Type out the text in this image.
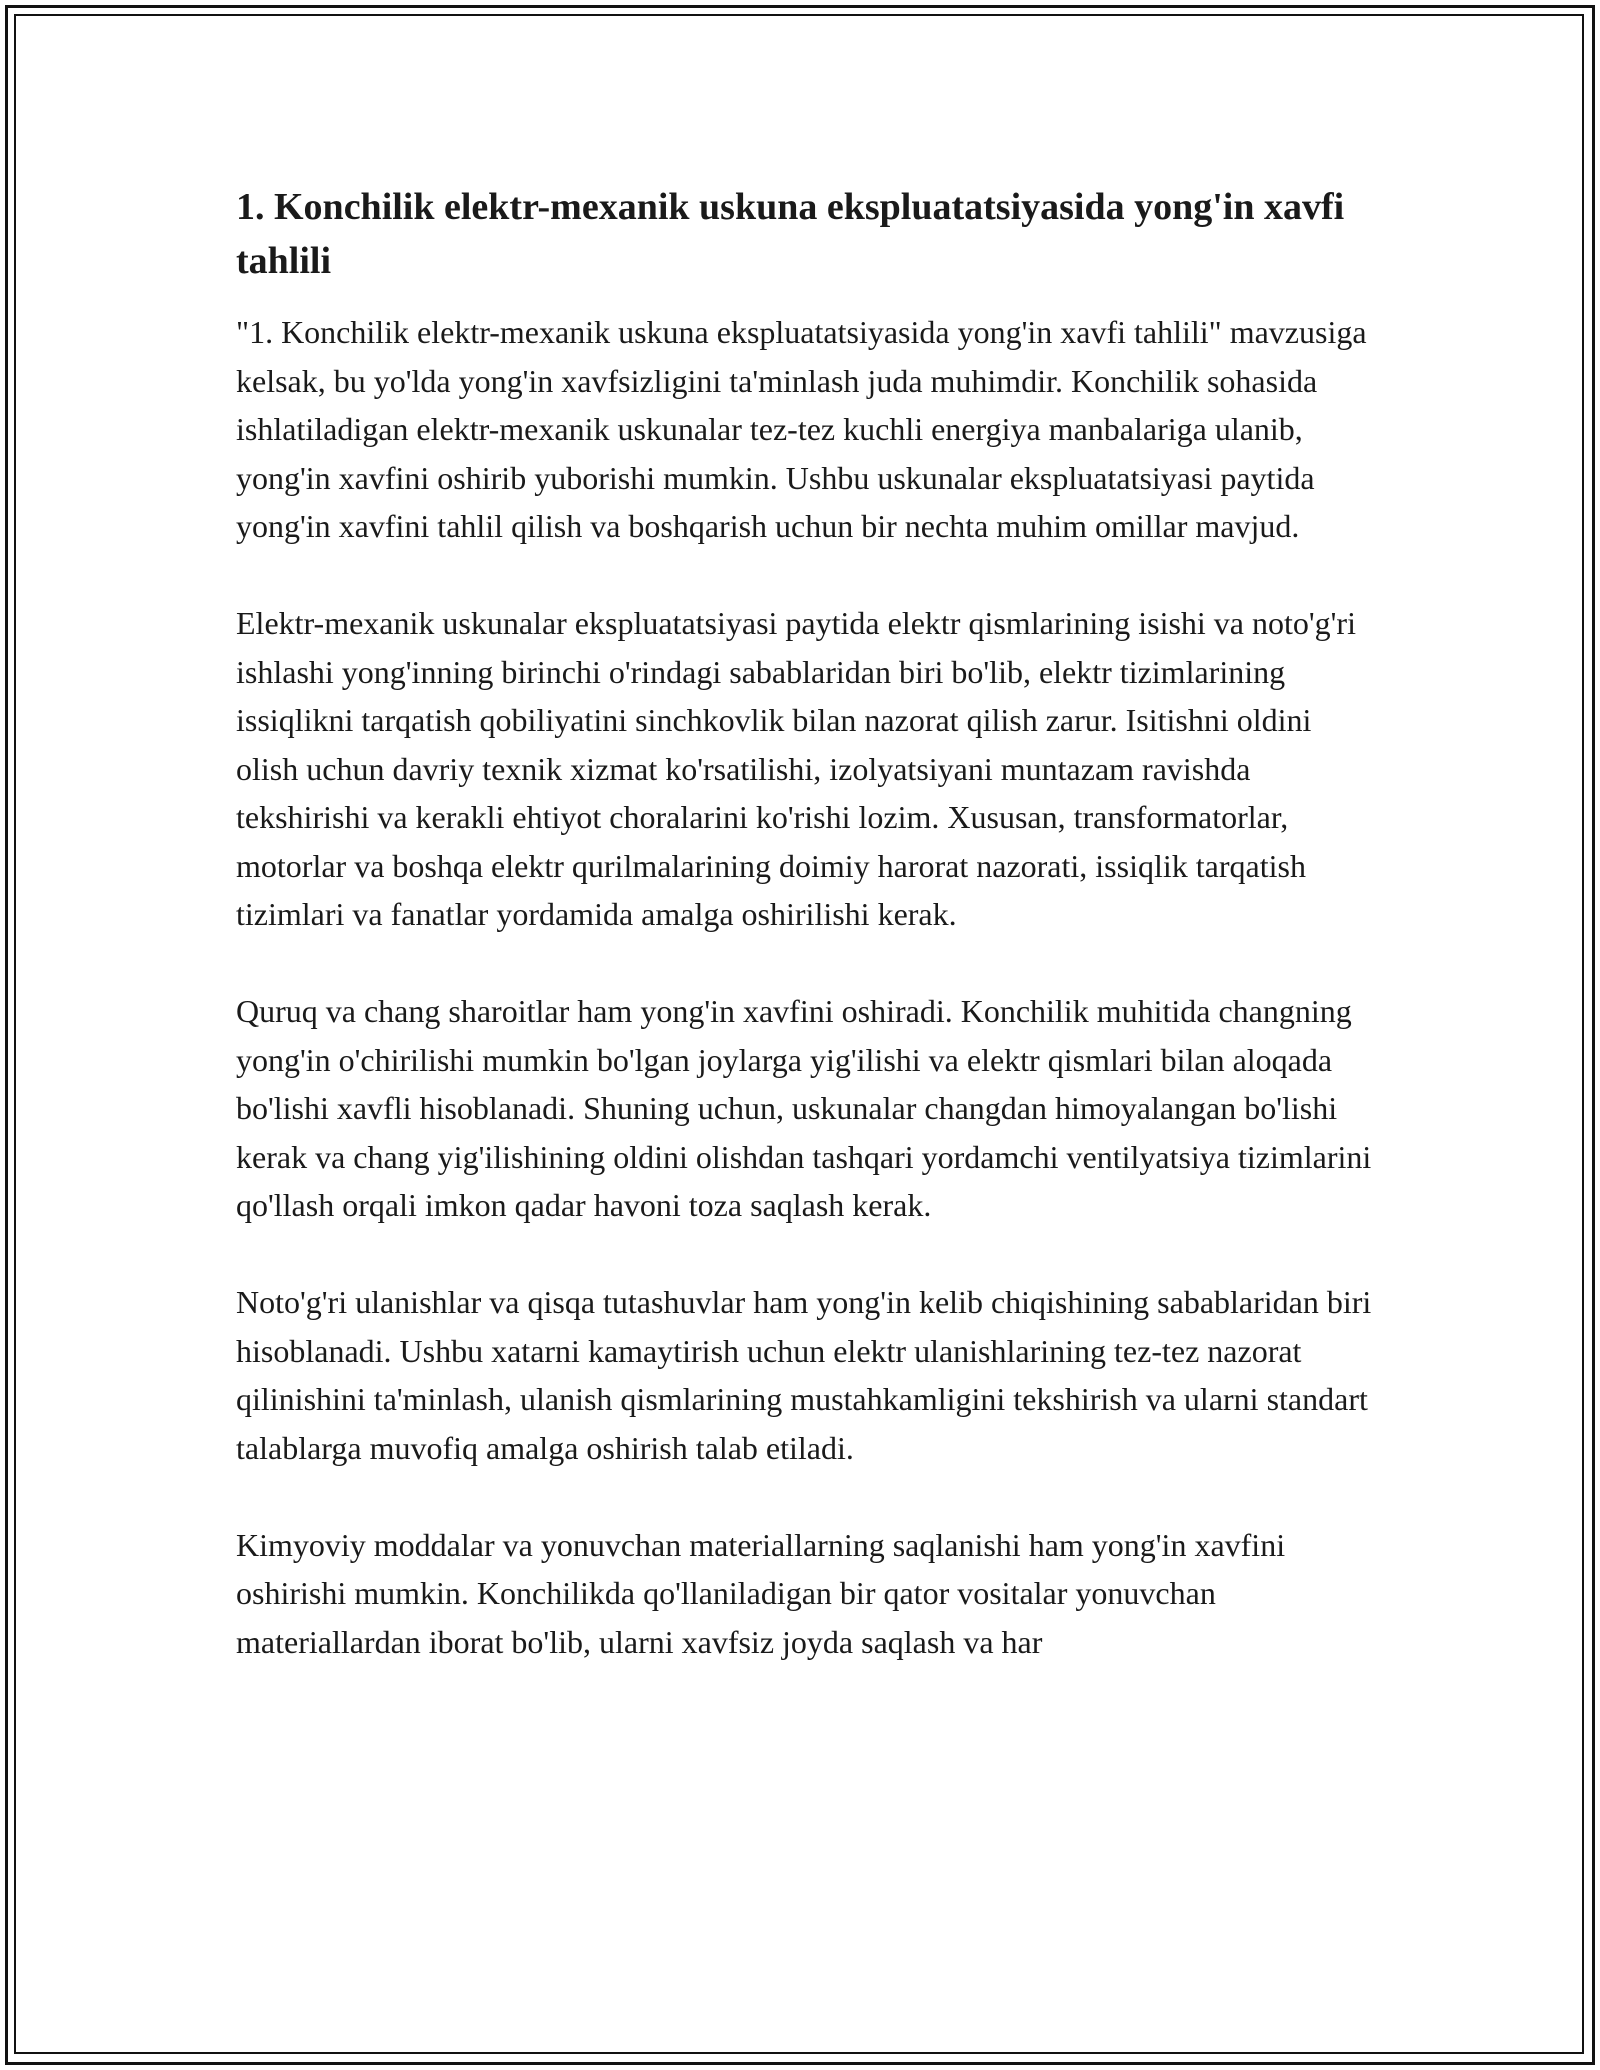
1. Konchilik elektr-mexanik uskuna ekspluatatsiyasida yong'in xavfi tahlili

"1. Konchilik elektr-mexanik uskuna ekspluatatsiyasida yong'in xavfi tahlili" mavzusiga kelsak, bu yo'lda yong'in xavfsizligini ta'minlash juda muhimdir. Konchilik sohasida ishlatiladigan elektr-mexanik uskunalar tez-tez kuchli energiya manbalariga ulanib, yong'in xavfini oshirib yuborishi mumkin. Ushbu uskunalar ekspluatatsiyasi paytida yong'in xavfini tahlil qilish va boshqarish uchun bir nechta muhim omillar mavjud.

Elektr-mexanik uskunalar ekspluatatsiyasi paytida elektr qismlarining isishi va noto'g'ri ishlashi yong'inning birinchi o'rindagi sabablaridan biri bo'lib, elektr tizimlarining issiqlikni tarqatish qobiliyatini sinchkovlik bilan nazorat qilish zarur. Isitishni oldini olish uchun davriy texnik xizmat ko'rsatilishi, izolyatsiyani muntazam ravishda tekshirishi va kerakli ehtiyot choralarini ko'rishi lozim. Xususan, transformatorlar, motorlar va boshqa elektr qurilmalarining doimiy harorat nazorati, issiqlik tarqatish tizimlari va fanatlar yordamida amalga oshirilishi kerak.

Quruq va chang sharoitlar ham yong'in xavfini oshiradi. Konchilik muhitida changning yong'in o'chirilishi mumkin bo'lgan joylarga yig'ilishi va elektr qismlari bilan aloqada bo'lishi xavfli hisoblanadi. Shuning uchun, uskunalar changdan himoyalangan bo'lishi kerak va chang yig'ilishining oldini olishdan tashqari yordamchi ventilyatsiya tizimlarini qo'llash orqali imkon qadar havoni toza saqlash kerak.

Noto'g'ri ulanishlar va qisqa tutashuvlar ham yong'in kelib chiqishining sabablaridan biri hisoblanadi. Ushbu xatarni kamaytirish uchun elektr ulanishlarining tez-tez nazorat qilinishini ta'minlash, ulanish qismlarining mustahkamligini tekshirish va ularni standart talablarga muvofiq amalga oshirish talab etiladi.

Kimyoviy moddalar va yonuvchan materiallarning saqlanishi ham yong'in xavfini oshirishi mumkin. Konchilikda qo'llaniladigan bir qator vositalar yonuvchan materiallardan iborat bo'lib, ularni xavfsiz joyda saqlash va har
